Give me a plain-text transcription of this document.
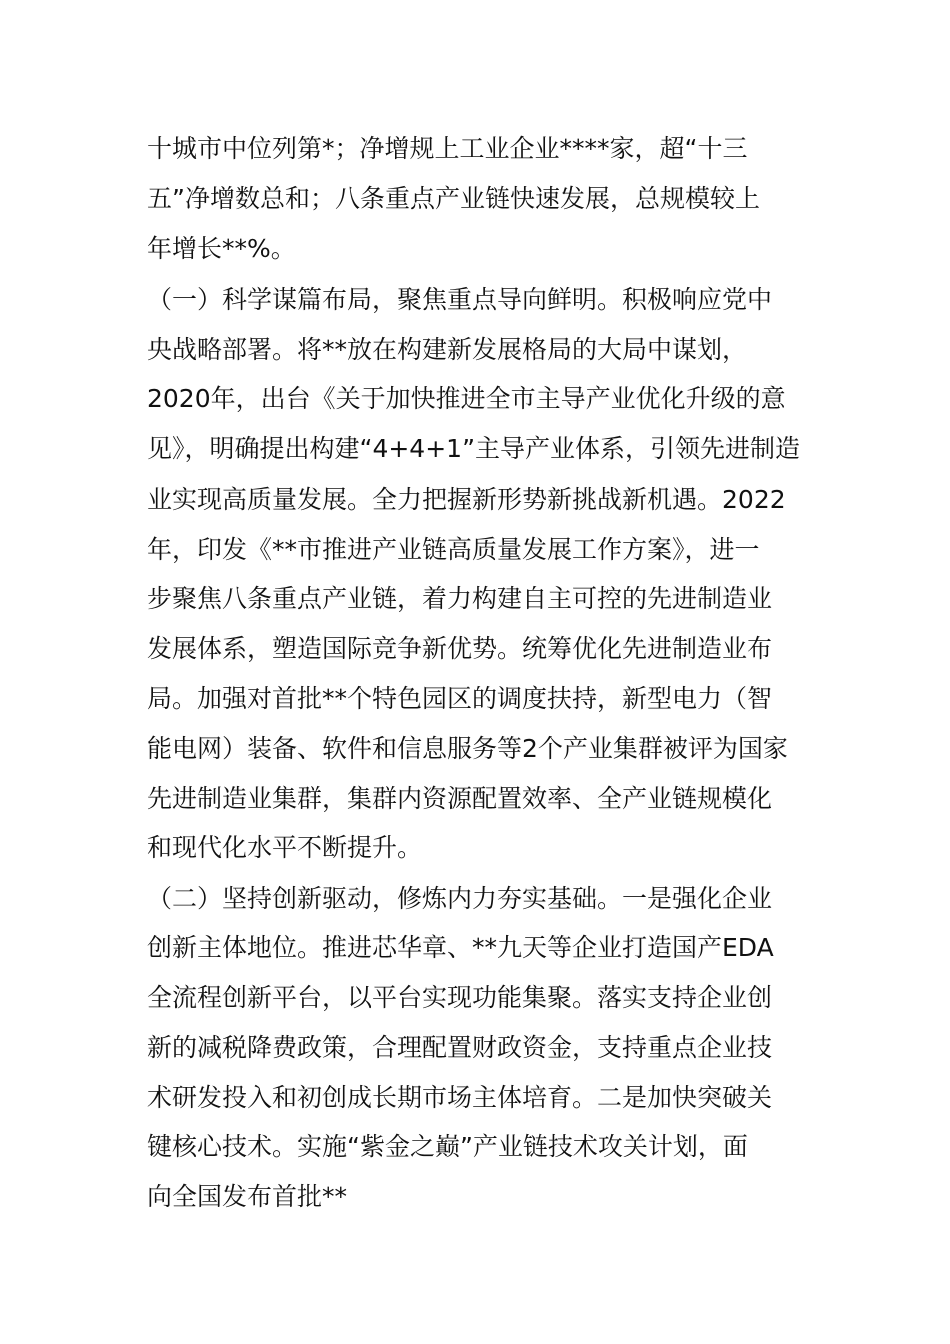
十城市中位列第*；净增规上工业企业****家，超“十三
五”净增数总和；八条重点产业链快速发展，总规模较上
年增长**%。
（一）科学谋篇布局，聚焦重点导向鲜明。积极响应党中
央战略部署。将**放在构建新发展格局的大局中谋划，
2020年，出台《关于加快推进全市主导产业优化升级的意
见》，明确提出构建“4+4+1”主导产业体系，引领先进制造
业实现高质量发展。全力把握新形势新挑战新机遇。2022
年，印发《**市推进产业链高质量发展工作方案》，进一
步聚焦八条重点产业链，着力构建自主可控的先进制造业
发展体系，塑造国际竞争新优势。统筹优化先进制造业布
局。加强对首批**个特色园区的调度扶持，新型电力（智
能电网）装备、软件和信息服务等2个产业集群被评为国家
先进制造业集群，集群内资源配置效率、全产业链规模化
和现代化水平不断提升。
（二）坚持创新驱动，修炼内力夯实基础。一是强化企业
创新主体地位。推进芯华章、**九天等企业打造国产EDA
全流程创新平台，以平台实现功能集聚。落实支持企业创
新的减税降费政策，合理配置财政资金，支持重点企业技
术研发投入和初创成长期市场主体培育。二是加快突破关
键核心技术。实施“紫金之巅”产业链技术攻关计划，面
向全国发布首批**
